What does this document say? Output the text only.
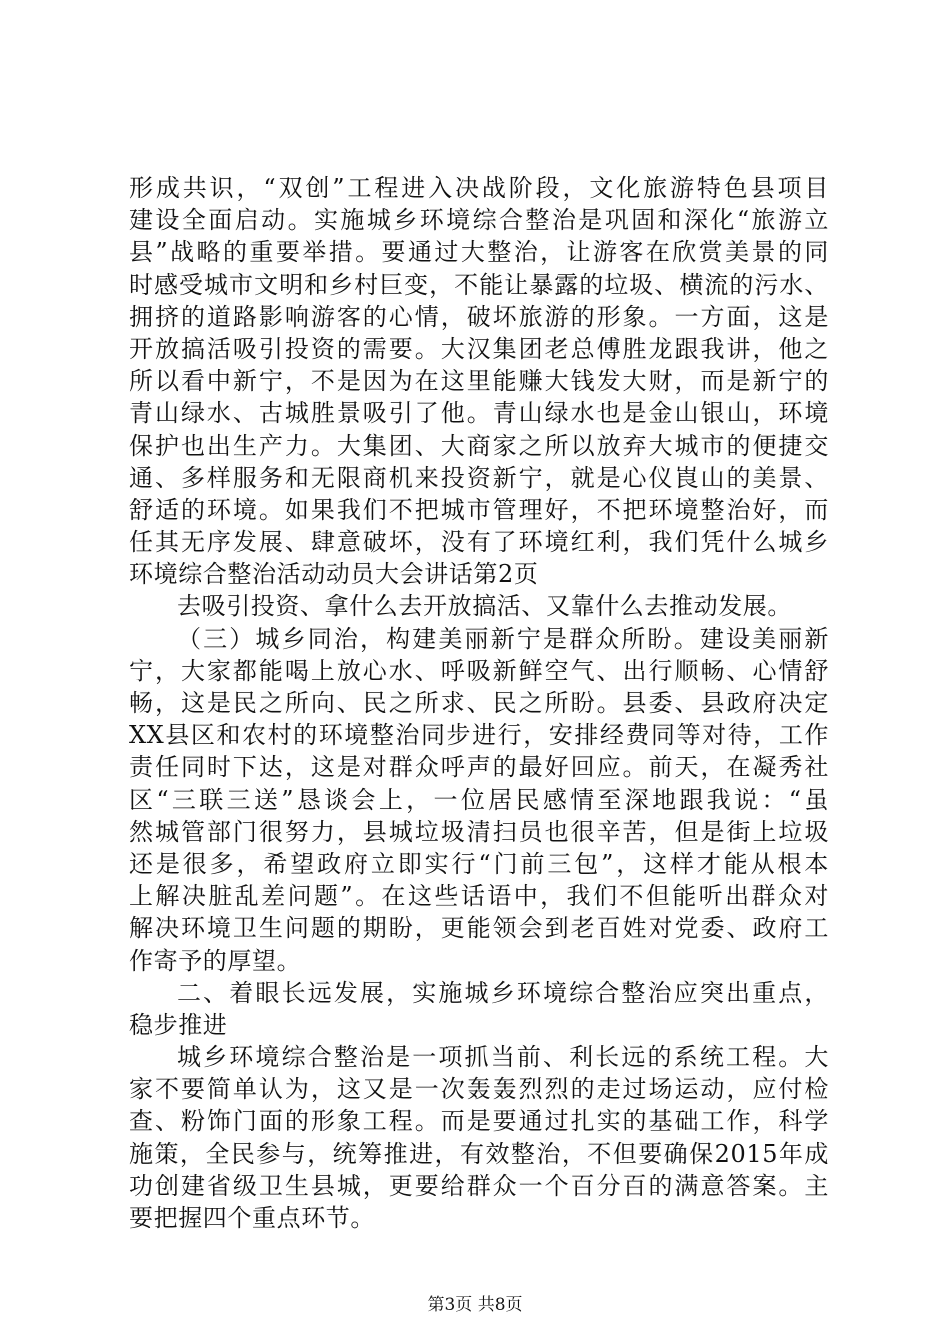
形成共识，“双创”工程进入决战阶段，文化旅游特色县项目
建设全面启动。实施城乡环境综合整治是巩固和深化“旅游立
县”战略的重要举措。要通过大整治，让游客在欣赏美景的同
时感受城市文明和乡村巨变，不能让暴露的垃圾、横流的污水、
拥挤的道路影响游客的心情，破坏旅游的形象。一方面，这是
开放搞活吸引投资的需要。大汉集团老总傅胜龙跟我讲，他之
所以看中新宁，不是因为在这里能赚大钱发大财，而是新宁的
青山绿水、古城胜景吸引了他。青山绿水也是金山银山，环境
保护也出生产力。大集团、大商家之所以放弃大城市的便捷交
通、多样服务和无限商机来投资新宁，就是心仪崀山的美景、
舒适的环境。如果我们不把城市管理好，不把环境整治好，而
任其无序发展、肆意破坏，没有了环境红利，我们凭什么城乡
环境综合整治活动动员大会讲话第2页
去吸引投资、拿什么去开放搞活、又靠什么去推动发展。
（三）城乡同治，构建美丽新宁是群众所盼。建设美丽新
宁，大家都能喝上放心水、呼吸新鲜空气、出行顺畅、心情舒
畅，这是民之所向、民之所求、民之所盼。县委、县政府决定
XX县区和农村的环境整治同步进行，安排经费同等对待，工作
责任同时下达，这是对群众呼声的最好回应。前天，在凝秀社
区“三联三送”恳谈会上，一位居民感情至深地跟我说：“虽
然城管部门很努力，县城垃圾清扫员也很辛苦，但是街上垃圾
还是很多，希望政府立即实行“门前三包”，这样才能从根本
上解决脏乱差问题”。在这些话语中，我们不但能听出群众对
解决环境卫生问题的期盼，更能领会到老百姓对党委、政府工
作寄予的厚望。
二、着眼长远发展，实施城乡环境综合整治应突出重点，
稳步推进
城乡环境综合整治是一项抓当前、利长远的系统工程。大
家不要简单认为，这又是一次轰轰烈烈的走过场运动，应付检
查、粉饰门面的形象工程。而是要通过扎实的基础工作，科学
施策，全民参与，统筹推进，有效整治，不但要确保2015年成
功创建省级卫生县城，更要给群众一个百分百的满意答案。主
要把握四个重点环节。
第3页 共8页
